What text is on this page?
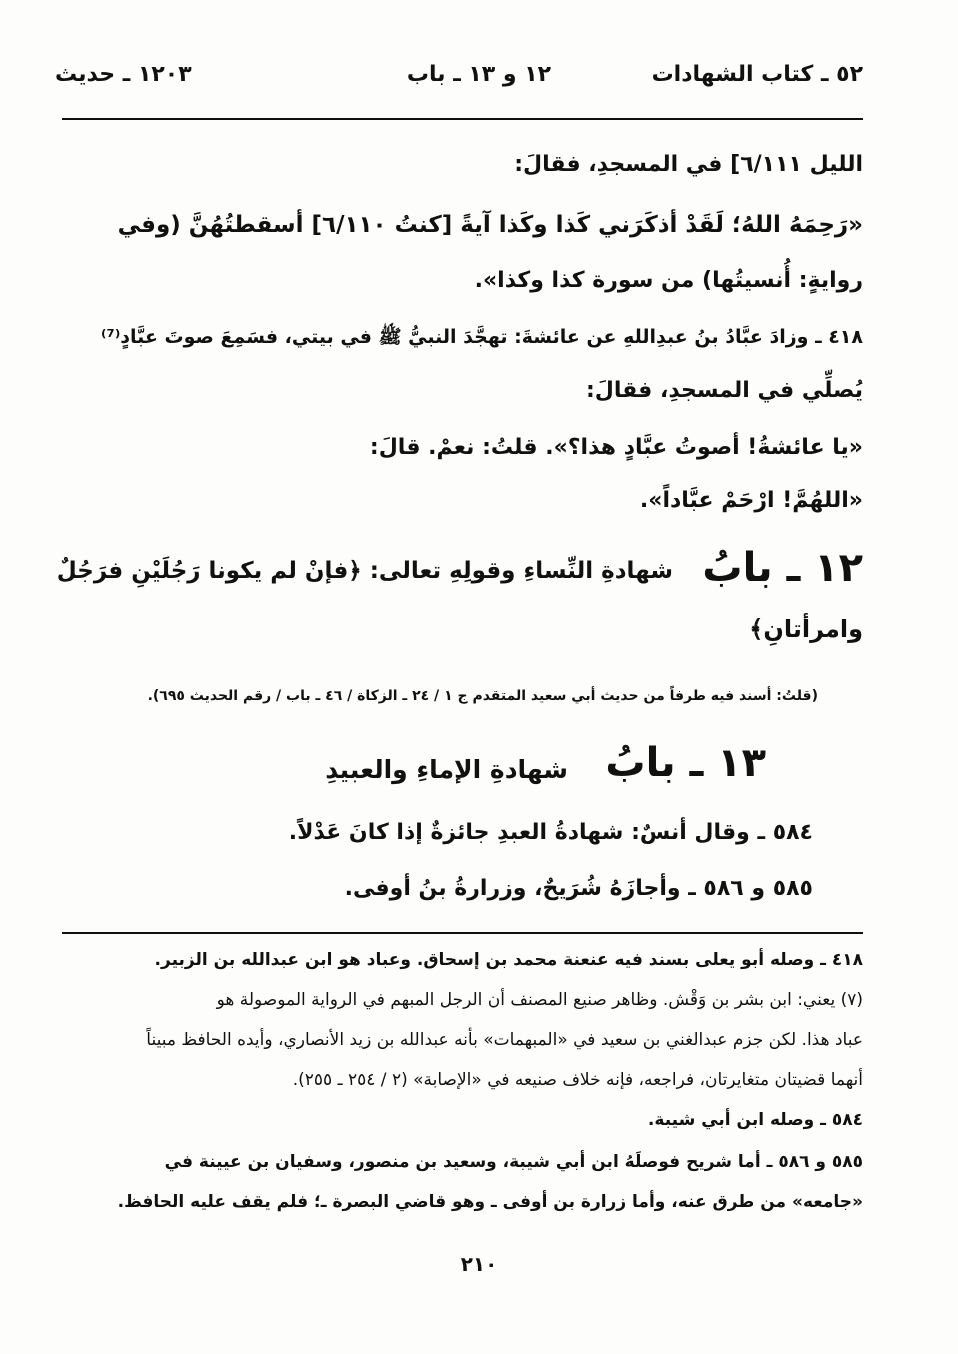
٥٢ ـ كتاب الشهادات
١٢ و ١٣ ـ باب
١٢٠٣ ـ حديث
الليل ٦/١١١] في المسجدِ، فقالَ:
«رَحِمَهُ اللهُ؛ لَقَدْ أذكَرَني كَذا وكَذا آيةً [كنتُ ٦/١١٠] أسقطتُهُنَّ (وفي
روايةٍ: أُنسيتُها) من سورة كذا وكذا».
٤١٨ ـ وزادَ عبَّادُ بنُ عبدِاللهِ عن عائشةَ: تهجَّدَ النبيُّ ﷺ في بيتي، فسَمِعَ صوتَ عبَّادٍ⁽⁷⁾
يُصلِّي في المسجدِ، فقالَ:
«يا عائشةُ! أصوتُ عبَّادٍ هذا؟». قلتُ: نعمْ. قالَ:
«اللهُمَّ! ارْحَمْ عبَّاداً».
١٢ ـ بابُ
شهادةِ النِّساءِ وقولِهِ تعالى: ﴿فإنْ لم يكونا رَجُلَيْنِ فرَجُلٌ
وامرأتانِ﴾
(قلتُ: أسند فيه طرفاً من حديث أبي سعيد المتقدم ج ١ / ٢٤ ـ الزكاة / ٤٦ ـ باب / رقم الحديث ٦٩٥).
١٣ ـ بابُ
شهادةِ الإماءِ والعبيدِ
٥٨٤ ـ وقال أنسٌ: شهادةُ العبدِ جائزةٌ إذا كانَ عَدْلاً.
٥٨٥ و ٥٨٦ ـ وأجازَهُ شُرَيحٌ، وزرارةُ بنُ أوفى.
٤١٨ ـ وصله أبو يعلى بسند فيه عنعنة محمد بن إسحاق. وعباد هو ابن عبدالله بن الزبير.
(٧) يعني: ابن بشر بن وَقْش. وظاهر صنيع المصنف أن الرجل المبهم في الرواية الموصولة هو
عباد هذا. لكن جزم عبدالغني بن سعيد في «المبهمات» بأنه عبدالله بن زيد الأنصاري، وأيده الحافظ مبيناً
أنهما قضيتان متغايرتان، فراجعه، فإنه خلاف صنيعه في «الإصابة» (٢ / ٢٥٤ ـ ٢٥٥).
٥٨٤ ـ وصله ابن أبي شيبة.
٥٨٥ و ٥٨٦ ـ أما شريح فوصلَهُ ابن أبي شيبة، وسعيد بن منصور، وسفيان بن عيينة في
«جامعه» من طرق عنه، وأما زرارة بن أوفى ـ وهو قاضي البصرة ـ؛ فلم يقف عليه الحافظ.
٢١٠
